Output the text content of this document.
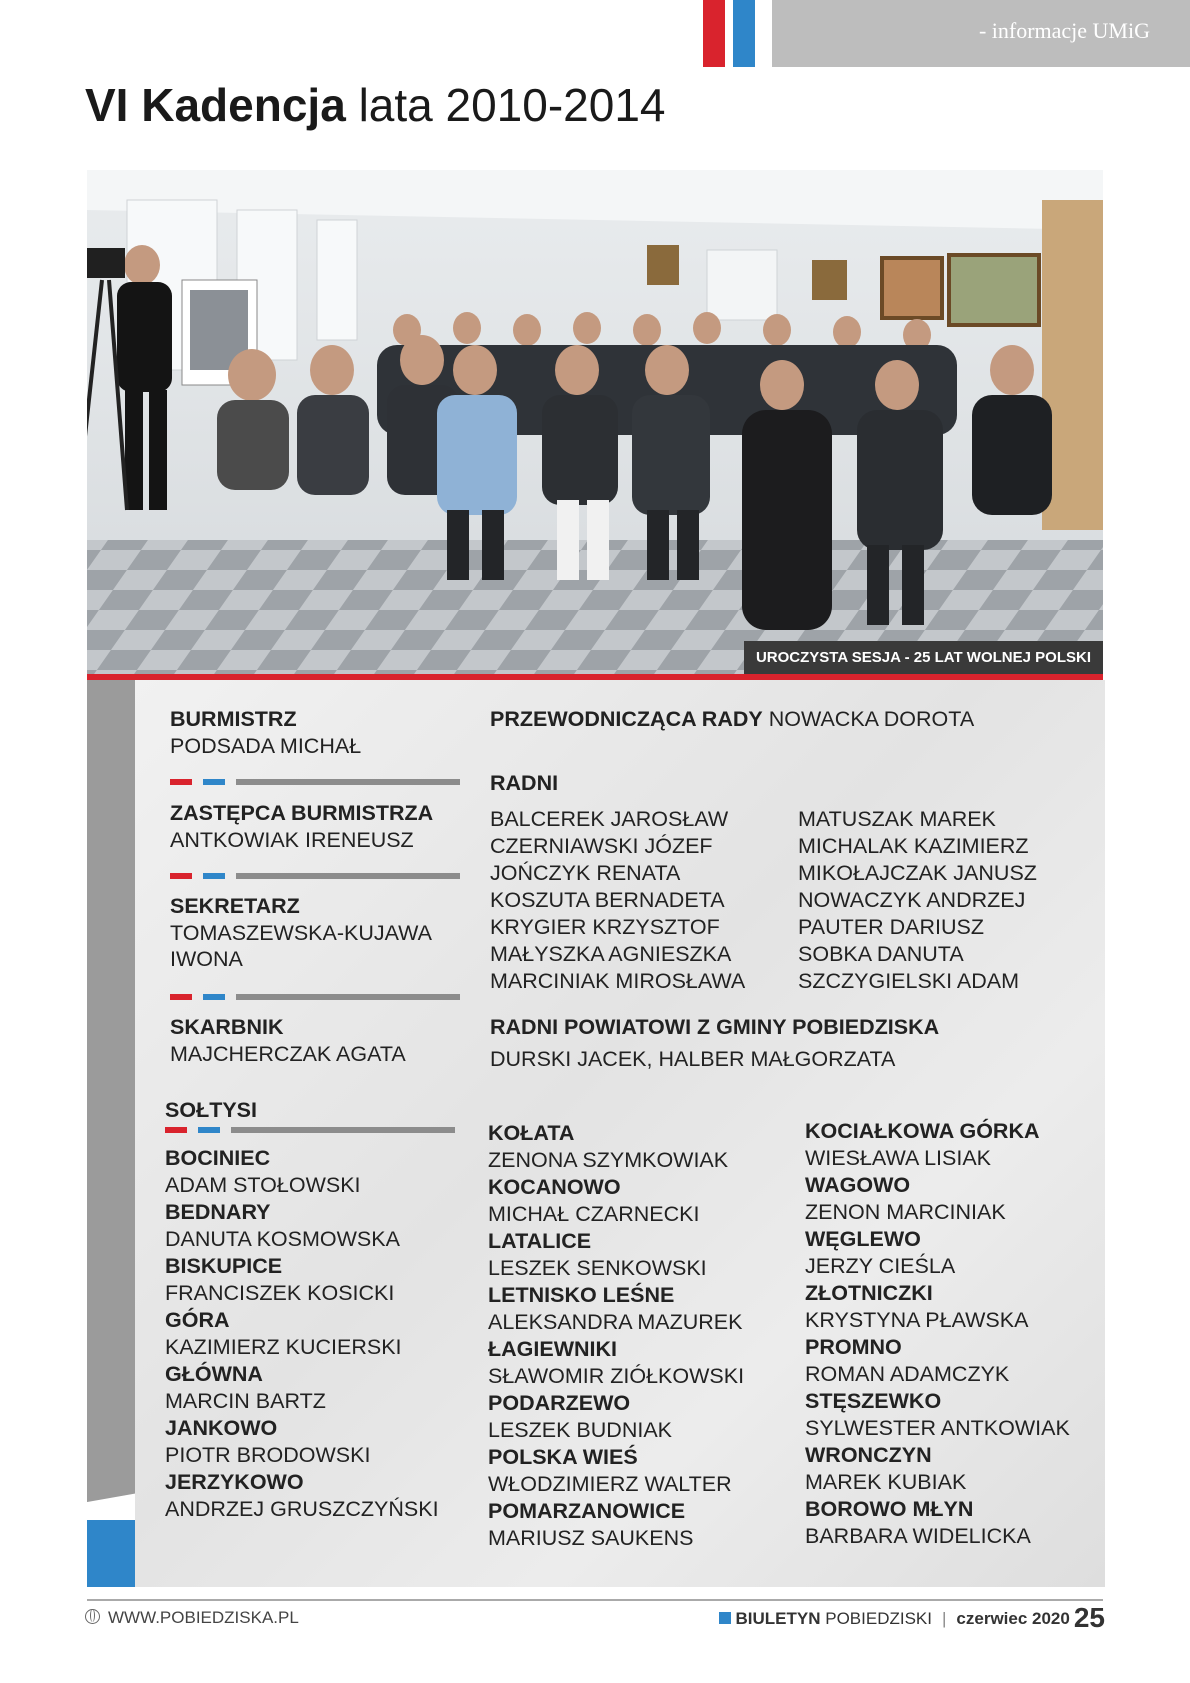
- informacje UMiG
VI Kadencja lata 2010-2014
UROCZYSTA SESJA - 25 LAT WOLNEJ POLSKI
BURMISTRZ
PODSADA MICHAŁ
ZASTĘPCA BURMISTRZA
ANTKOWIAK IRENEUSZ
SEKRETARZ
TOMASZEWSKA-KUJAWA
IWONA
SKARBNIK
MAJCHERCZAK AGATA
PRZEWODNICZĄCA RADY NOWACKA DOROTA
RADNI
BALCEREK JAROSŁAW
CZERNIAWSKI JÓZEF
JOŃCZYK RENATA
KOSZUTA BERNADETA
KRYGIER KRZYSZTOF
MAŁYSZKA AGNIESZKA
MARCINIAK MIROSŁAWA
MATUSZAK MAREK
MICHALAK KAZIMIERZ
MIKOŁAJCZAK JANUSZ
NOWACZYK ANDRZEJ
PAUTER DARIUSZ
SOBKA DANUTA
SZCZYGIELSKI ADAM
RADNI POWIATOWI Z GMINY POBIEDZISKA
DURSKI JACEK, HALBER MAŁGORZATA
SOŁTYSI
BOCINIEC
ADAM STOŁOWSKI
BEDNARY
DANUTA KOSMOWSKA
BISKUPICE
FRANCISZEK KOSICKI
GÓRA
KAZIMIERZ KUCIERSKI
GŁÓWNA
MARCIN BARTZ
JANKOWO
PIOTR BRODOWSKI
JERZYKOWO
ANDRZEJ GRUSZCZYŃSKI
KOŁATA
ZENONA SZYMKOWIAK
KOCANOWO
MICHAŁ CZARNECKI
LATALICE
LESZEK SENKOWSKI
LETNISKO LEŚNE
ALEKSANDRA MAZUREK
ŁAGIEWNIKI
SŁAWOMIR ZIÓŁKOWSKI
PODARZEWO
LESZEK BUDNIAK
POLSKA WIEŚ
WŁODZIMIERZ WALTER
POMARZANOWICE
MARIUSZ SAUKENS
KOCIAŁKOWA GÓRKA
WIESŁAWA LISIAK
WAGOWO
ZENON MARCINIAK
WĘGLEWO
JERZY CIEŚLA
ZŁOTNICZKI
KRYSTYNA PŁAWSKA
PROMNO
ROMAN ADAMCZYK
STĘSZEWKO
SYLWESTER ANTKOWIAK
WRONCZYN
MAREK KUBIAK
BOROWO MŁYN
BARBARA WIDELICKA
WWW.POBIEDZISKA.PL	BIULETYN POBIEDZISKI | czerwiec 2020 25
